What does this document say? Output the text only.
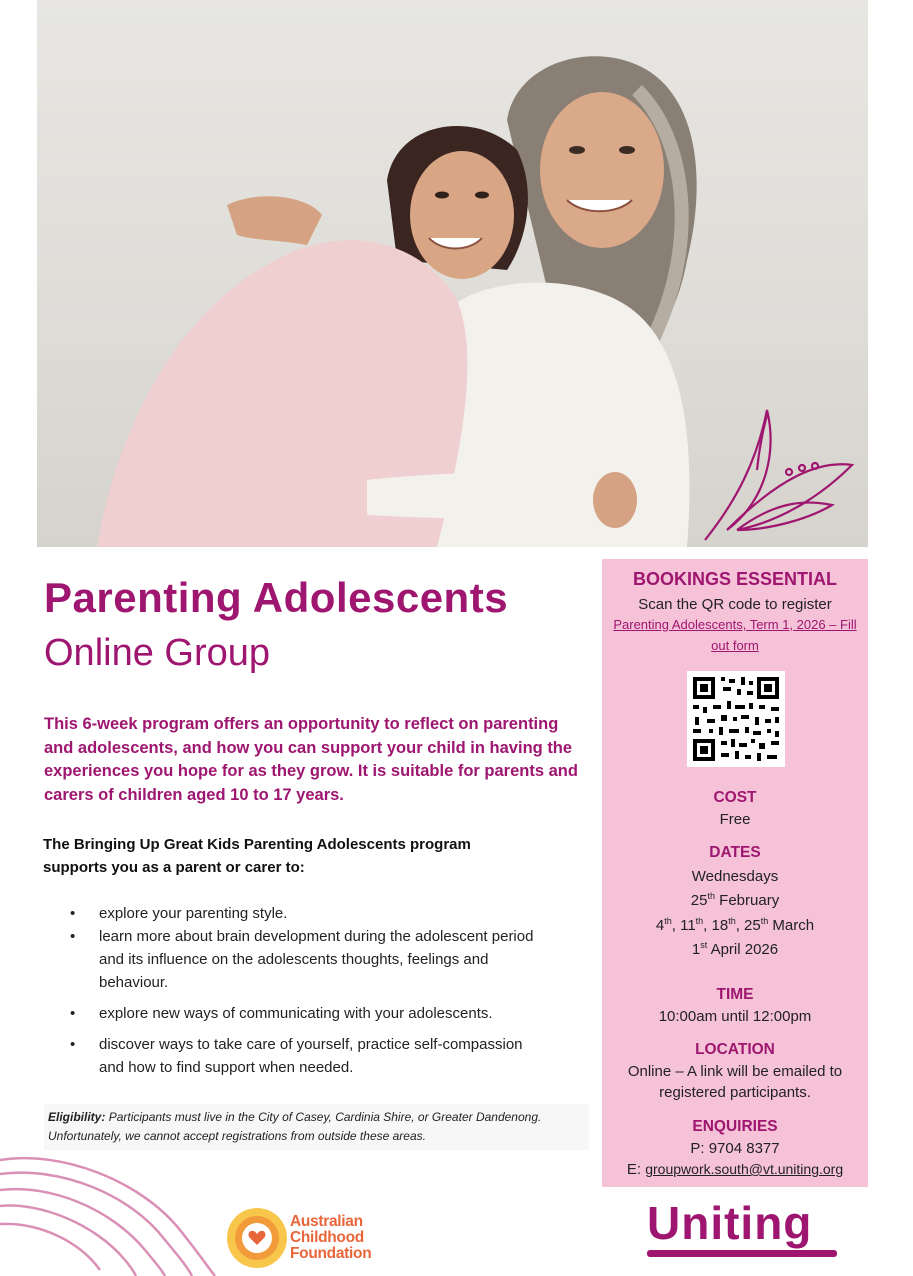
Parenting Adolescents
Online Group
This 6-week program offers an opportunity to reflect on parenting and adolescents, and how you can support your child in having the experiences you hope for as they grow. It is suitable for parents and carers of children aged 10 to 17 years.
The Bringing Up Great Kids Parenting Adolescents program supports you as a parent or carer to:
• explore your parenting style.
• learn more about brain development during the adolescent period and its influence on the adolescents thoughts, feelings and behaviour.
• explore new ways of communicating with your adolescents.
• discover ways to take care of yourself, practice self-compassion and how to find support when needed.
Eligibility: Participants must live in the City of Casey, Cardinia Shire, or Greater Dandenong. Unfortunately, we cannot accept registrations from outside these areas.
BOOKINGS ESSENTIAL
Scan the QR code to register
Parenting Adolescents, Term 1, 2026 – Fill out form
COST
Free
DATES
Wednesdays
25th February
4th, 11th, 18th, 25th March
1st April 2026
TIME
10:00am until 12:00pm
LOCATION
Online – A link will be emailed to registered participants.
ENQUIRIES
P: 9704 8377
E: groupwork.south@vt.uniting.org
Australian
Childhood
Foundation
Uniting
